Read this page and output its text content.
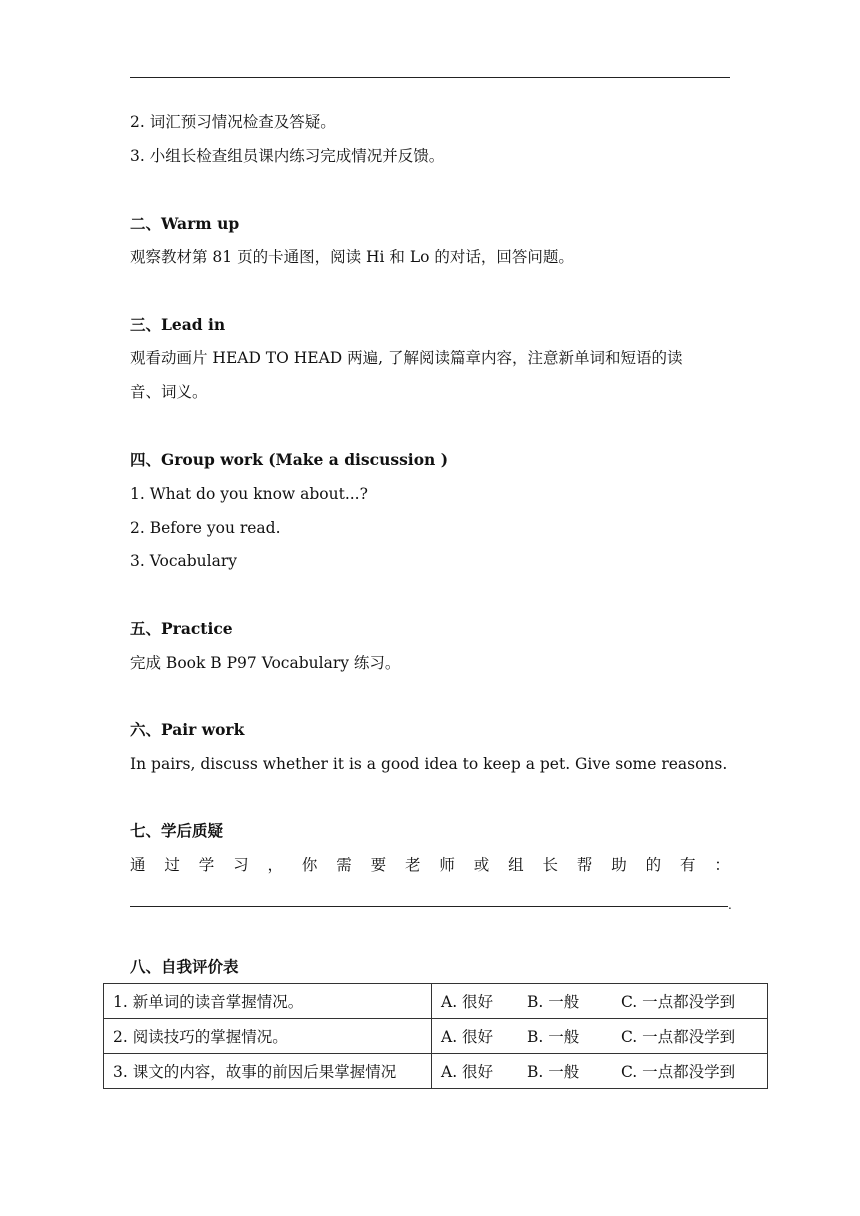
2. 词汇预习情况检查及答疑。
3. 小组长检查组员课内练习完成情况并反馈。
二、Warm up
观察教材第 81 页的卡通图，阅读 Hi 和 Lo 的对话，回答问题。
三、Lead in
观看动画片 HEAD TO HEAD 两遍, 了解阅读篇章内容，注意新单词和短语的读
音、词义。
四、Group work (Make a discussion )
1. What do you know about...?
2. Before you read.
3. Vocabulary
五、Practice
完成 Book B P97 Vocabulary 练习。
六、Pair work
In pairs, discuss whether it is a good idea to keep a pet. Give some reasons.
七、学后质疑
通 过 学 习 ， 你 需 要 老 师 或 组 长 帮 助 的 有 ：
.
八、自我评价表
1. 新单词的读音掌握情况。	A. 很好 B. 一般 C. 一点都没学到
2. 阅读技巧的掌握情况。	A. 很好 B. 一般 C. 一点都没学到
3. 课文的内容，故事的前因后果掌握情况	A. 很好 B. 一般 C. 一点都没学到
